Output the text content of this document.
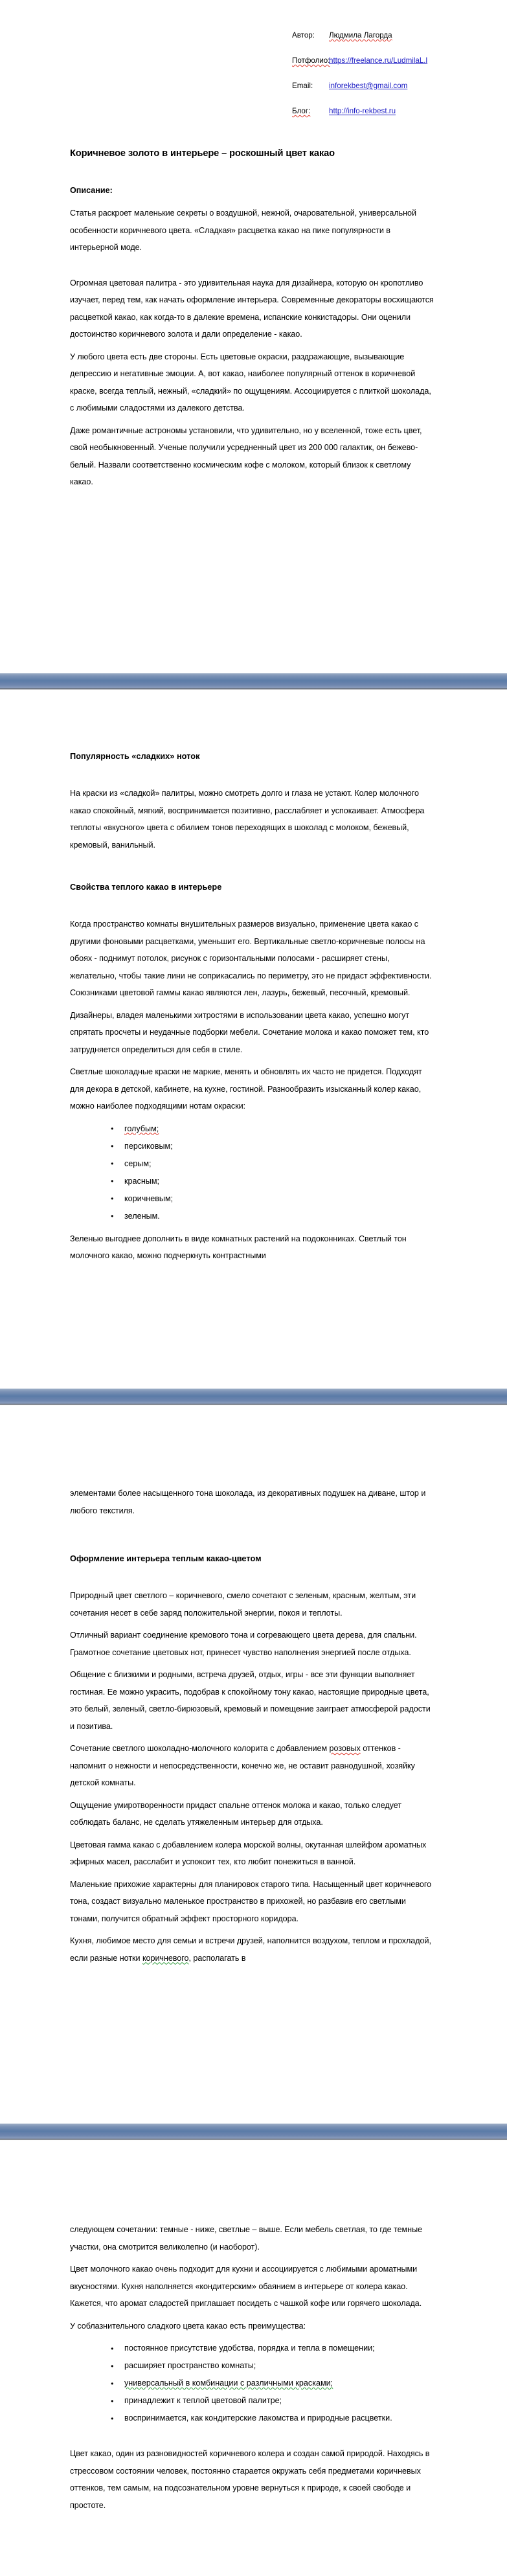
Автор:	Людмила Лагорда
Потфолио:
https://freelance.ru/LudmilaL.l
Email:	inforekbest@gmail.com
Блог:	http://info-rekbest.ru
Коричневое золото в интерьере – роскошный цвет какао

Описание:

Статья раскроет маленькие секреты о воздушной, нежной, очаровательной, универсальной особенности коричневого цвета. «Сладкая» расцветка какао на пике популярности в интерьерной моде.

Огромная цветовая палитра - это удивительная наука для дизайнера, которую он кропотливо изучает, перед тем, как начать оформление интерьера. Современные декораторы восхищаются расцветкой какао, как когда-то в далекие времена, испанские конкистадоры. Они оценили достоинство коричневого золота и дали определение - какао.

У любого цвета есть две стороны. Есть цветовые окраски, раздражающие, вызывающие депрессию и негативные эмоции. А, вот какао, наиболее популярный оттенок в коричневой краске, всегда теплый, нежный, «сладкий» по ощущениям. Ассоциируется с плиткой шоколада, с любимыми сладостями из далекого детства.

Даже романтичные астрономы установили, что удивительно, но у вселенной, тоже есть цвет, свой необыкновенный. Ученые получили усредненный цвет из 200 000 галактик, он бежево-белый. Назвали соответственно космическим кофе с молоком, который близок к светлому какао.

Популярность «сладких» ноток

На краски из «сладкой» палитры, можно смотреть долго и глаза не устают. Колер молочного какао спокойный, мягкий, воспринимается позитивно, расслабляет и успокаивает. Атмосфера теплоты «вкусного» цвета с обилием тонов переходящих в шоколад с молоком, бежевый, кремовый, ванильный.

Свойства теплого какао в интерьере

Когда пространство комнаты внушительных размеров визуально, применение цвета какао с другими фоновыми расцветками, уменьшит его. Вертикальные светло-коричневые полосы на обоях - поднимут потолок, рисунок с горизонтальными полосами - расширяет стены, желательно, чтобы такие лини не соприкасались по периметру, это не придаст эффективности. Союзниками цветовой гаммы какао являются лен, лазурь, бежевый, песочный, кремовый.

Дизайнеры, владея маленькими хитростями в использовании цвета какао, успешно могут спрятать просчеты и неудачные подборки мебели. Сочетание молока и какао поможет тем, кто затрудняется определиться для себя в стиле.

Светлые шоколадные краски не маркие, менять и обновлять их часто не придется. Подходят для декора в детской, кабинете, на кухне, гостиной. Разнообразить изысканный колер какао, можно наиболее подходящими нотам окраски:

● голубым;
● персиковым;
● серым;
● красным;
● коричневым;
● зеленым.

Зеленью выгоднее дополнить в виде комнатных растений на подоконниках. Светлый тон молочного какао, можно подчеркнуть контрастными

элементами более насыщенного тона шоколада, из декоративных подушек на диване, штор и любого текстиля.

Оформление интерьера теплым какао-цветом

Природный цвет светлого – коричневого, смело сочетают с зеленым, красным, желтым, эти сочетания несет в себе заряд положительной энергии, покоя и теплоты.

Отличный вариант соединение кремового тона и согревающего цвета дерева, для спальни. Грамотное сочетание цветовых нот, принесет чувство наполнения энергией после отдыха.

Общение с близкими и родными, встреча друзей, отдых, игры - все эти функции выполняет гостиная. Ее можно украсить, подобрав к спокойному тону какао, настоящие природные цвета, это белый, зеленый, светло-бирюзовый, кремовый и помещение заиграет атмосферой радости и позитива.

Сочетание светлого шоколадно-молочного колорита с добавлением розовых оттенков - напомнит о нежности и непосредственности, конечно же, не оставит равнодушной, хозяйку детской комнаты.

Ощущение умиротворенности придаст спальне оттенок молока и какао, только следует соблюдать баланс, не сделать утяжеленным интерьер для отдыха.

Цветовая гамма какао с добавлением колера морской волны, окутанная шлейфом ароматных эфирных масел, расслабит и успокоит тех, кто любит понежиться в ванной.

Маленькие прихожие характерны для планировок старого типа. Насыщенный цвет коричневого тона, создаст визуально маленькое пространство в прихожей, но разбавив его светлыми тонами, получится обратный эффект просторного коридора.

Кухня, любимое место для семьи и встречи друзей, наполнится воздухом, теплом и прохладой, если разные нотки коричневого, располагать в

следующем сочетании: темные - ниже, светлые – выше. Если мебель светлая, то где темные участки, она смотрится великолепно (и наоборот).

Цвет молочного какао очень подходит для кухни и ассоциируется с любимыми ароматными вкусностями. Кухня наполняется «кондитерским» обаянием в интерьере от колера какао. Кажется, что аромат сладостей приглашает посидеть с чашкой кофе или горячего шоколада.

У соблазнительного сладкого цвета какао есть преимущества:

● постоянное присутствие удобства, порядка и тепла в помещении;
● расширяет пространство комнаты;
● универсальный в комбинации с различными красками;
● принадлежит к теплой цветовой палитре;
● воспринимается, как кондитерские лакомства и природные расцветки.

Цвет какао, один из разновидностей коричневого колера и создан самой природой. Находясь в стрессовом состоянии человек, постоянно старается окружать себя предметами коричневых оттенков, тем самым, на подсознательном уровне вернуться к природе, к своей свободе и простоте.
